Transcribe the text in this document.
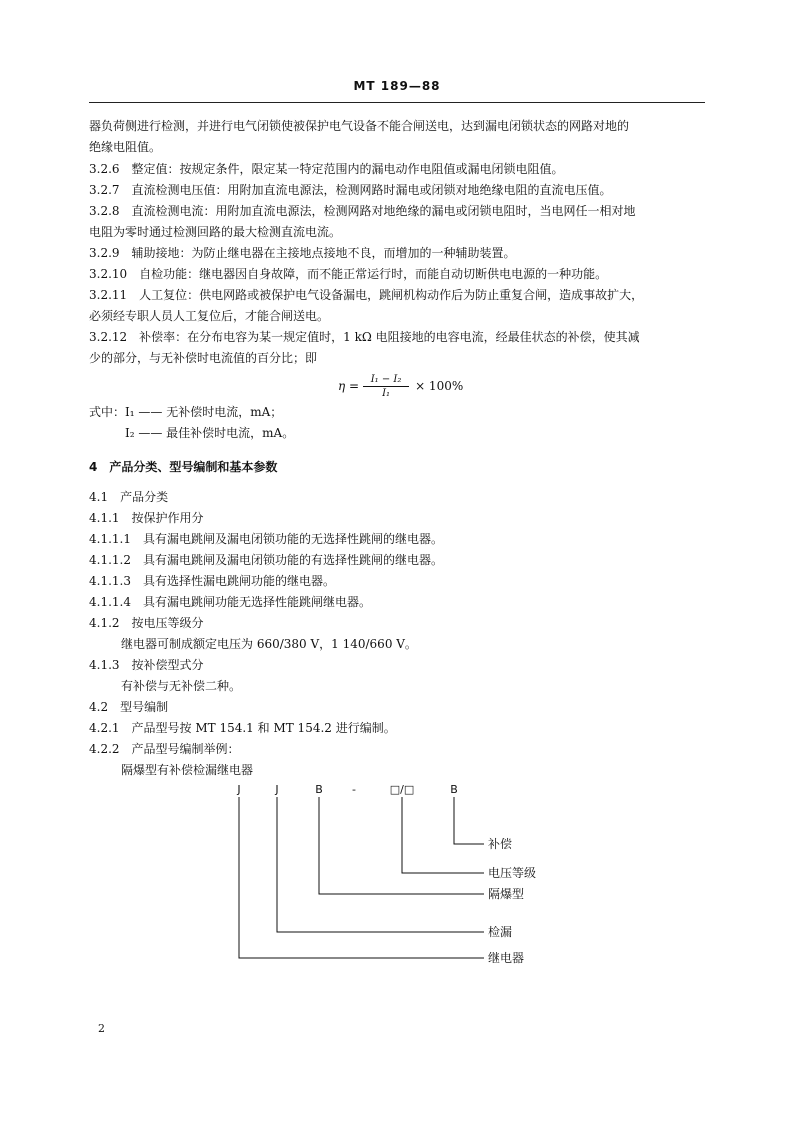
MT 189—88
器负荷侧进行检测，并进行电气闭锁使被保护电气设备不能合闸送电，达到漏电闭锁状态的网路对地的
绝缘电阻值。
3.2.6 整定值：按规定条件，限定某一特定范围内的漏电动作电阻值或漏电闭锁电阻值。
3.2.7 直流检测电压值：用附加直流电源法，检测网路时漏电或闭锁对地绝缘电阻的直流电压值。
3.2.8 直流检测电流：用附加直流电源法，检测网路对地绝缘的漏电或闭锁电阻时，当电网任一相对地
电阻为零时通过检测回路的最大检测直流电流。
3.2.9 辅助接地：为防止继电器在主接地点接地不良，而增加的一种辅助装置。
3.2.10 自检功能：继电器因自身故障，而不能正常运行时，而能自动切断供电电源的一种功能。
3.2.11 人工复位：供电网路或被保护电气设备漏电，跳闸机构动作后为防止重复合闸，造成事故扩大，
必须经专职人员人工复位后，才能合闸送电。
3.2.12 补偿率：在分布电容为某一规定值时，1 kΩ 电阻接地的电容电流，经最佳状态的补偿，使其减
少的部分，与无补偿时电流值的百分比；即
$\eta = \frac{\text{I₁ − I₂}}{\text{I₁}} \times 100\%$
式中：I₁ —— 无补偿时电流，mA；
I₂ —— 最佳补偿时电流，mA。
4　产品分类、型号编制和基本参数
4.1　产品分类
4.1.1 按保护作用分
4.1.1.1 具有漏电跳闸及漏电闭锁功能的无选择性跳闸的继电器。
4.1.1.2 具有漏电跳闸及漏电闭锁功能的有选择性跳闸的继电器。
4.1.1.3 具有选择性漏电跳闸功能的继电器。
4.1.1.4 具有漏电跳闸功能无选择性能跳闸继电器。
4.1.2 按电压等级分
继电器可制成额定电压为 660/380 V，1 140/660 V。
4.1.3 按补偿型式分
有补偿与无补偿二种。
4.2　型号编制
4.2.1 产品型号按 MT 154.1 和 MT 154.2 进行编制。
4.2.2 产品型号编制举例：
隔爆型有补偿检漏继电器
J	J	B	-	□/□	B
补偿
电压等级
隔爆型
检漏
继电器
2
